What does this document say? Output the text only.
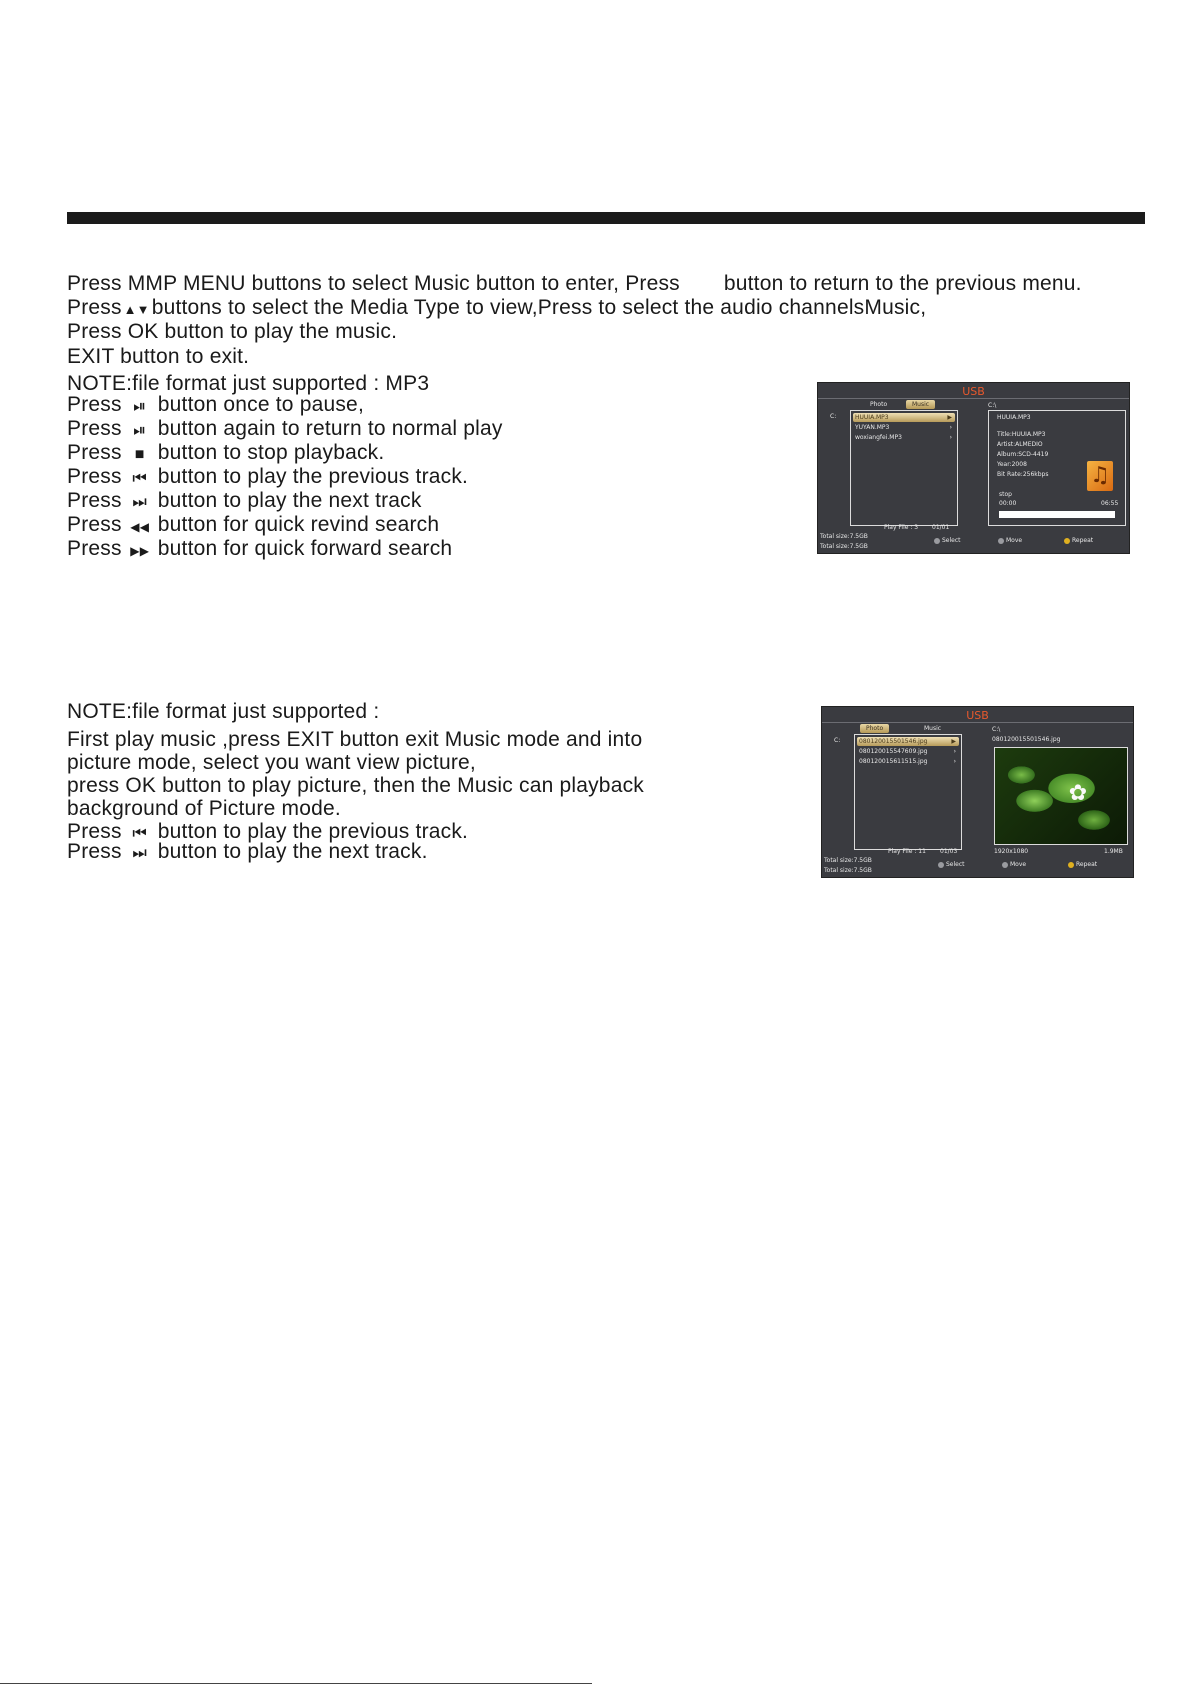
Press MMP MENU buttons to select Music button to enter, Press button to return to the previous menu.
Press ▲▼buttons to select the Media Type to view,Press to select the audio channelsMusic,
Press OK button to play the music.
EXIT button to exit.
NOTE:file format just supported : MP3
Press ⏯ button once to pause,
Press ⏯ button again to return to normal play
Press ■ button to stop playback.
Press ⏮ button to play the previous track.
Press ⏭ button to play the next track
Press ◀◀ button for quick revind search
Press ▶▶ button for quick forward search
USB
Photo	Music
C:	HUUIA.MP3	▶
YUYAN.MP3	›
woxiangfei.MP3	›
C:\
HUUIA.MP3
Title:HUUIA.MP3
Artist:ALMEDIO
Album:SCD-4419
Year:2008
Bit Rate:256kbps ♫
stop
00:00	06:55
Play File : 3 01/01
Total size:7.5GB
Total size:7.5GB
Select	Move	Repeat
NOTE:file format just supported :
First play music ,press EXIT button exit Music mode and into
picture mode, select you want view picture,
press OK button to play picture, then the Music can playback
background of Picture mode.
Press ⏮ button to play the previous track.
Press ⏭ button to play the next track.
USB
Photo	Music
C:	080120015501546.jpg	▶
080120015547609.jpg	›
080120015611515.jpg	›
C:\
080120015501546.jpg
✿
Play File : 11 01/03	1920x1080	1.9MB
Total size:7.5GB
Total size:7.5GB
Select	Move	Repeat
